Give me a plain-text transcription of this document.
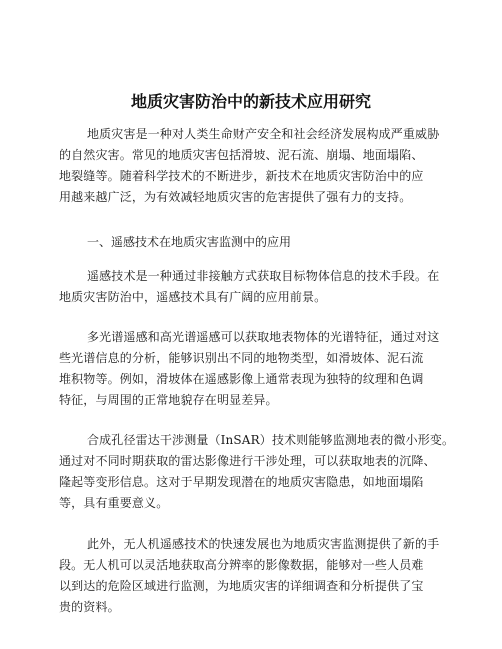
地质灾害防治中的新技术应用研究
地质灾害是一种对人类生命财产安全和社会经济发展构成严重威胁
的自然灾害。常见的地质灾害包括滑坡、泥石流、崩塌、地面塌陷、
地裂缝等。随着科学技术的不断进步，新技术在地质灾害防治中的应
用越来越广泛，为有效减轻地质灾害的危害提供了强有力的支持。
一、遥感技术在地质灾害监测中的应用
遥感技术是一种通过非接触方式获取目标物体信息的技术手段。在
地质灾害防治中，遥感技术具有广阔的应用前景。
多光谱遥感和高光谱遥感可以获取地表物体的光谱特征，通过对这
些光谱信息的分析，能够识别出不同的地物类型，如滑坡体、泥石流
堆积物等。例如，滑坡体在遥感影像上通常表现为独特的纹理和色调
特征，与周围的正常地貌存在明显差异。
合成孔径雷达干涉测量（InSAR）技术则能够监测地表的微小形变。
通过对不同时期获取的雷达影像进行干涉处理，可以获取地表的沉降、
隆起等变形信息。这对于早期发现潜在的地质灾害隐患，如地面塌陷
等，具有重要意义。
此外，无人机遥感技术的快速发展也为地质灾害监测提供了新的手
段。无人机可以灵活地获取高分辨率的影像数据，能够对一些人员难
以到达的危险区域进行监测，为地质灾害的详细调查和分析提供了宝
贵的资料。
